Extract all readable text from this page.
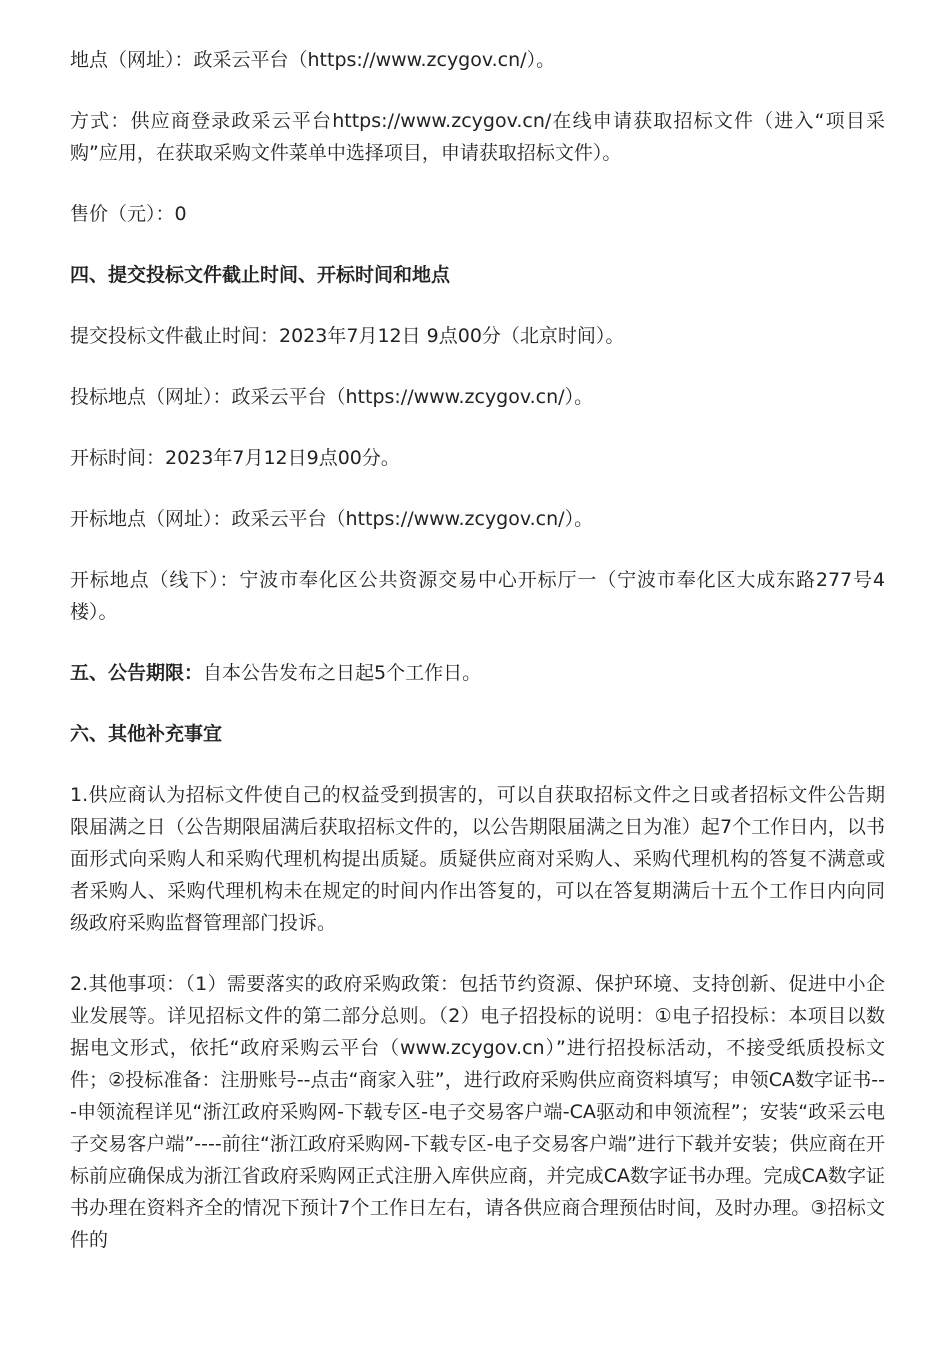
地点（网址）：政采云平台（https://www.zcygov.cn/）。

方式：供应商登录政采云平台https://www.zcygov.cn/在线申请获取招标文件（进入“项目采购”应用，在获取采购文件菜单中选择项目，申请获取招标文件）。

售价（元）：0

四、提交投标文件截止时间、开标时间和地点

提交投标文件截止时间：2023年7月12日 9点00分（北京时间）。

投标地点（网址）：政采云平台（https://www.zcygov.cn/）。

开标时间：2023年7月12日9点00分。

开标地点（网址）：政采云平台（https://www.zcygov.cn/）。

开标地点（线下）：宁波市奉化区公共资源交易中心开标厅一（宁波市奉化区大成东路277号4楼）。

五、公告期限：自本公告发布之日起5个工作日。

六、其他补充事宜

1.供应商认为招标文件使自己的权益受到损害的，可以自获取招标文件之日或者招标文件公告期限届满之日（公告期限届满后获取招标文件的，以公告期限届满之日为准）起7个工作日内，以书面形式向采购人和采购代理机构提出质疑。质疑供应商对采购人、采购代理机构的答复不满意或者采购人、采购代理机构未在规定的时间内作出答复的，可以在答复期满后十五个工作日内向同级政府采购监督管理部门投诉。

2.其他事项：（1）需要落实的政府采购政策：包括节约资源、保护环境、支持创新、促进中小企业发展等。详见招标文件的第二部分总则。（2）电子招投标的说明：①电子招投标：本项目以数据电文形式，依托“政府采购云平台（www.zcygov.cn）”进行招投标活动，不接受纸质投标文件；②投标准备：注册账号--点击“商家入驻”，进行政府采购供应商资料填写；申领CA数字证书---申领流程详见“浙江政府采购网-下载专区-电子交易客户端-CA驱动和申领流程”；安装“政采云电子交易客户端”----前往“浙江政府采购网-下载专区-电子交易客户端”进行下载并安装；供应商在开标前应确保成为浙江省政府采购网正式注册入库供应商，并完成CA数字证书办理。完成CA数字证书办理在资料齐全的情况下预计7个工作日左右，请各供应商合理预估时间，及时办理。③招标文件的
